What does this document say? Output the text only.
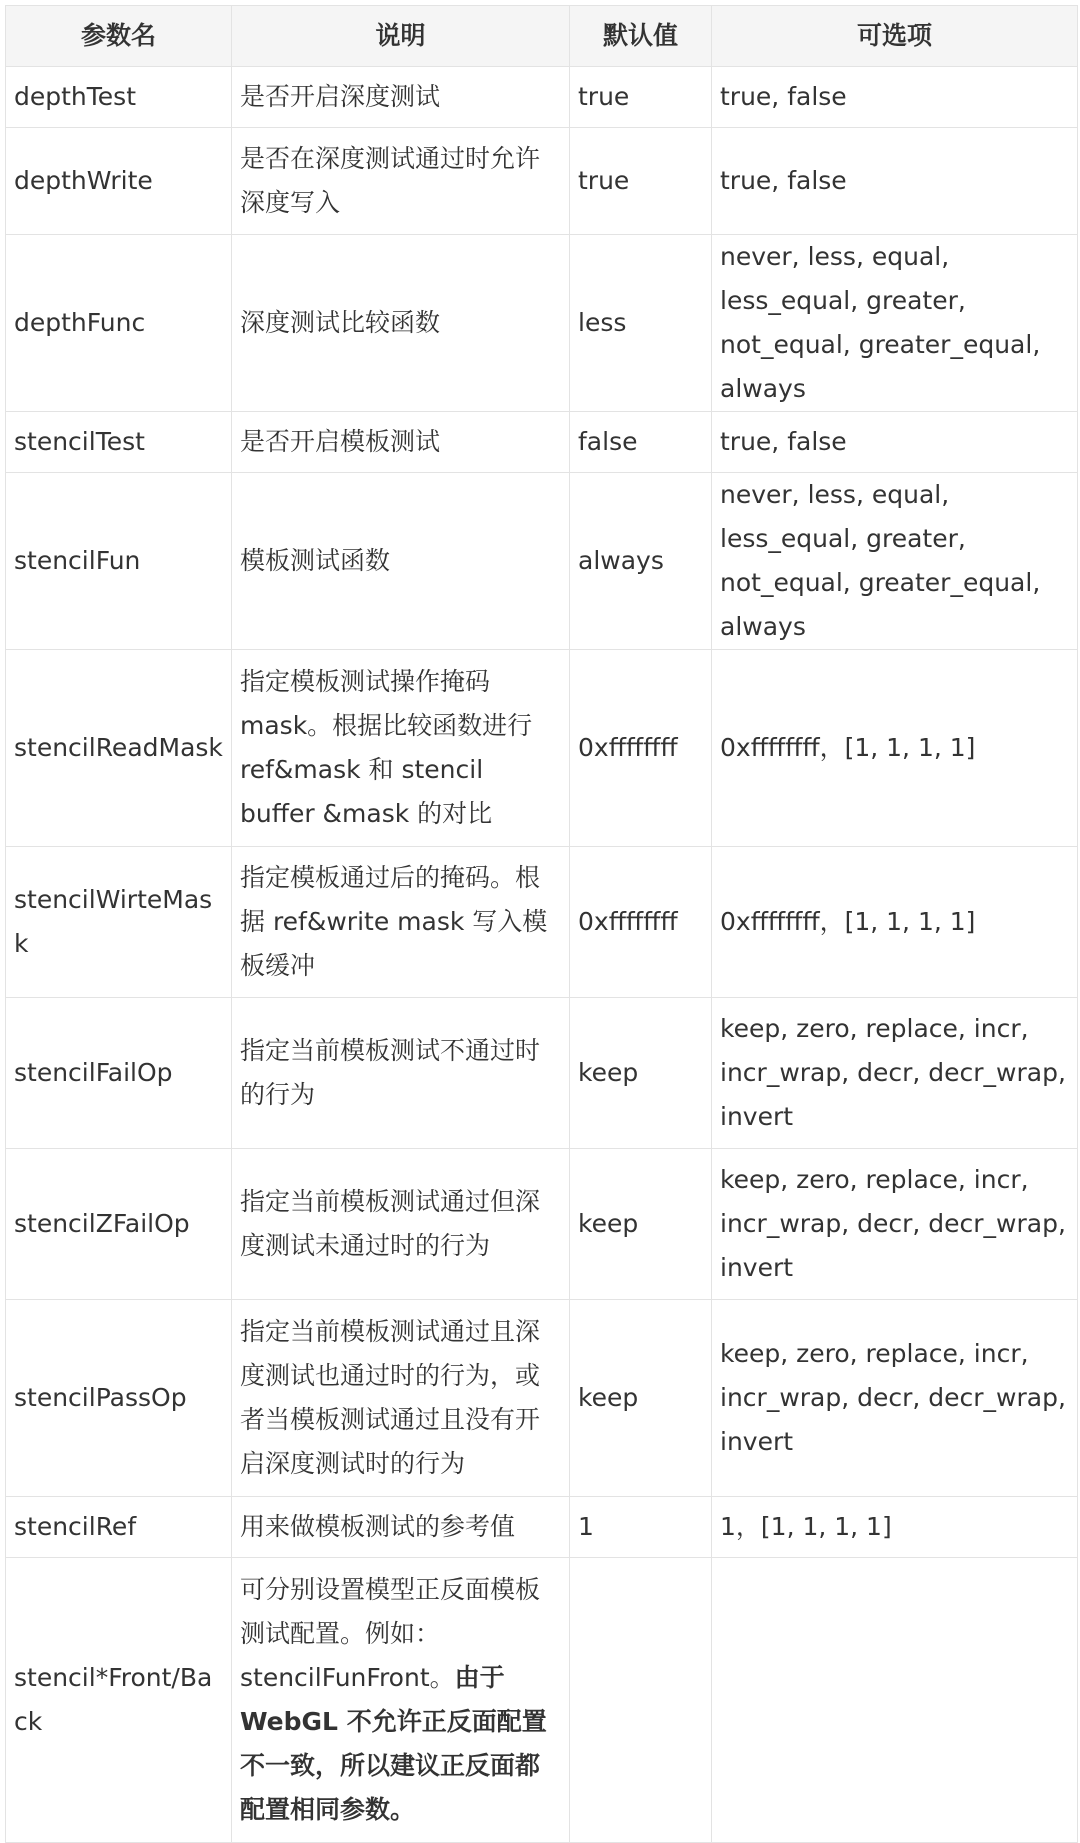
参数名	说明	默认值	可选项
depthTest	是否开启深度测试	true	true, false
depthWrite	是否在深度测试通过时允许深度写入	true	true, false
depthFunc	深度测试比较函数	less	never, less, equal, less_equal, greater, not_equal, greater_equal, always
stencilTest	是否开启模板测试	false	true, false
stencilFun	模板测试函数	always	never, less, equal, less_equal, greater, not_equal, greater_equal, always
stencilReadMask	指定模板测试操作掩码 mask。根据比较函数进行 ref&mask 和 stencil buffer &mask 的对比	0xffffffff	0xffffffff，[1, 1, 1, 1]
stencilWirteMask	指定模板通过后的掩码。根据 ref&write mask 写入模板缓冲	0xffffffff	0xffffffff，[1, 1, 1, 1]
stencilFailOp	指定当前模板测试不通过时的行为	keep	keep, zero, replace, incr, incr_wrap, decr, decr_wrap, invert
stencilZFailOp	指定当前模板测试通过但深度测试未通过时的行为	keep	keep, zero, replace, incr, incr_wrap, decr, decr_wrap, invert
stencilPassOp	指定当前模板测试通过且深度测试也通过时的行为，或者当模板测试通过且没有开启深度测试时的行为	keep	keep, zero, replace, incr, incr_wrap, decr, decr_wrap, invert
stencilRef	用来做模板测试的参考值	1	1，[1, 1, 1, 1]
stencil*Front/Back	可分别设置模型正反面模板测试配置。例如：stencilFunFront。由于 WebGL 不允许正反面配置不一致，所以建议正反面都配置相同参数。		
